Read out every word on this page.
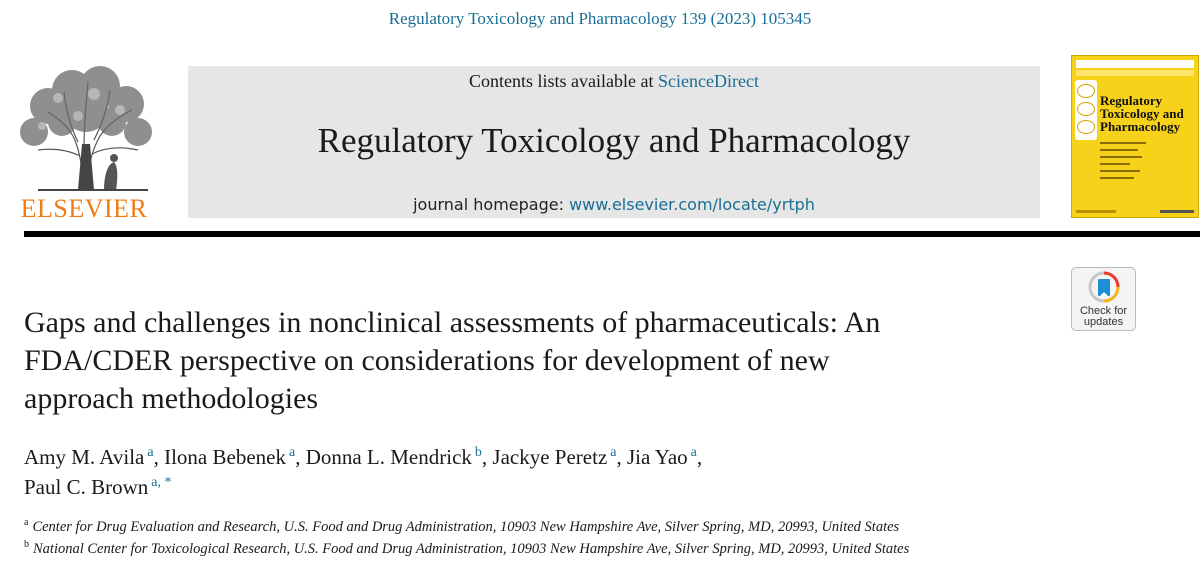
Regulatory Toxicology and Pharmacology 139 (2023) 105345
ELSEVIER
Contents lists available at ScienceDirect
Regulatory Toxicology and Pharmacology
journal homepage: www.elsevier.com/locate/yrtph
Regulatory Toxicology and Pharmacology
Check for
updates
Gaps and challenges in nonclinical assessments of pharmaceuticals: An
FDA/CDER perspective on considerations for development of new
approach methodologies
Amy M. Avila $^a$, Ilona Bebenek $^a$, Donna L. Mendrick $^b$, Jackye Peretz $^a$, Jia Yao $^a$,
Paul C. Brown $^{a, *}$
$^a$ Center for Drug Evaluation and Research, U.S. Food and Drug Administration, 10903 New Hampshire Ave, Silver Spring, MD, 20993, United States
$^b$ National Center for Toxicological Research, U.S. Food and Drug Administration, 10903 New Hampshire Ave, Silver Spring, MD, 20993, United States
